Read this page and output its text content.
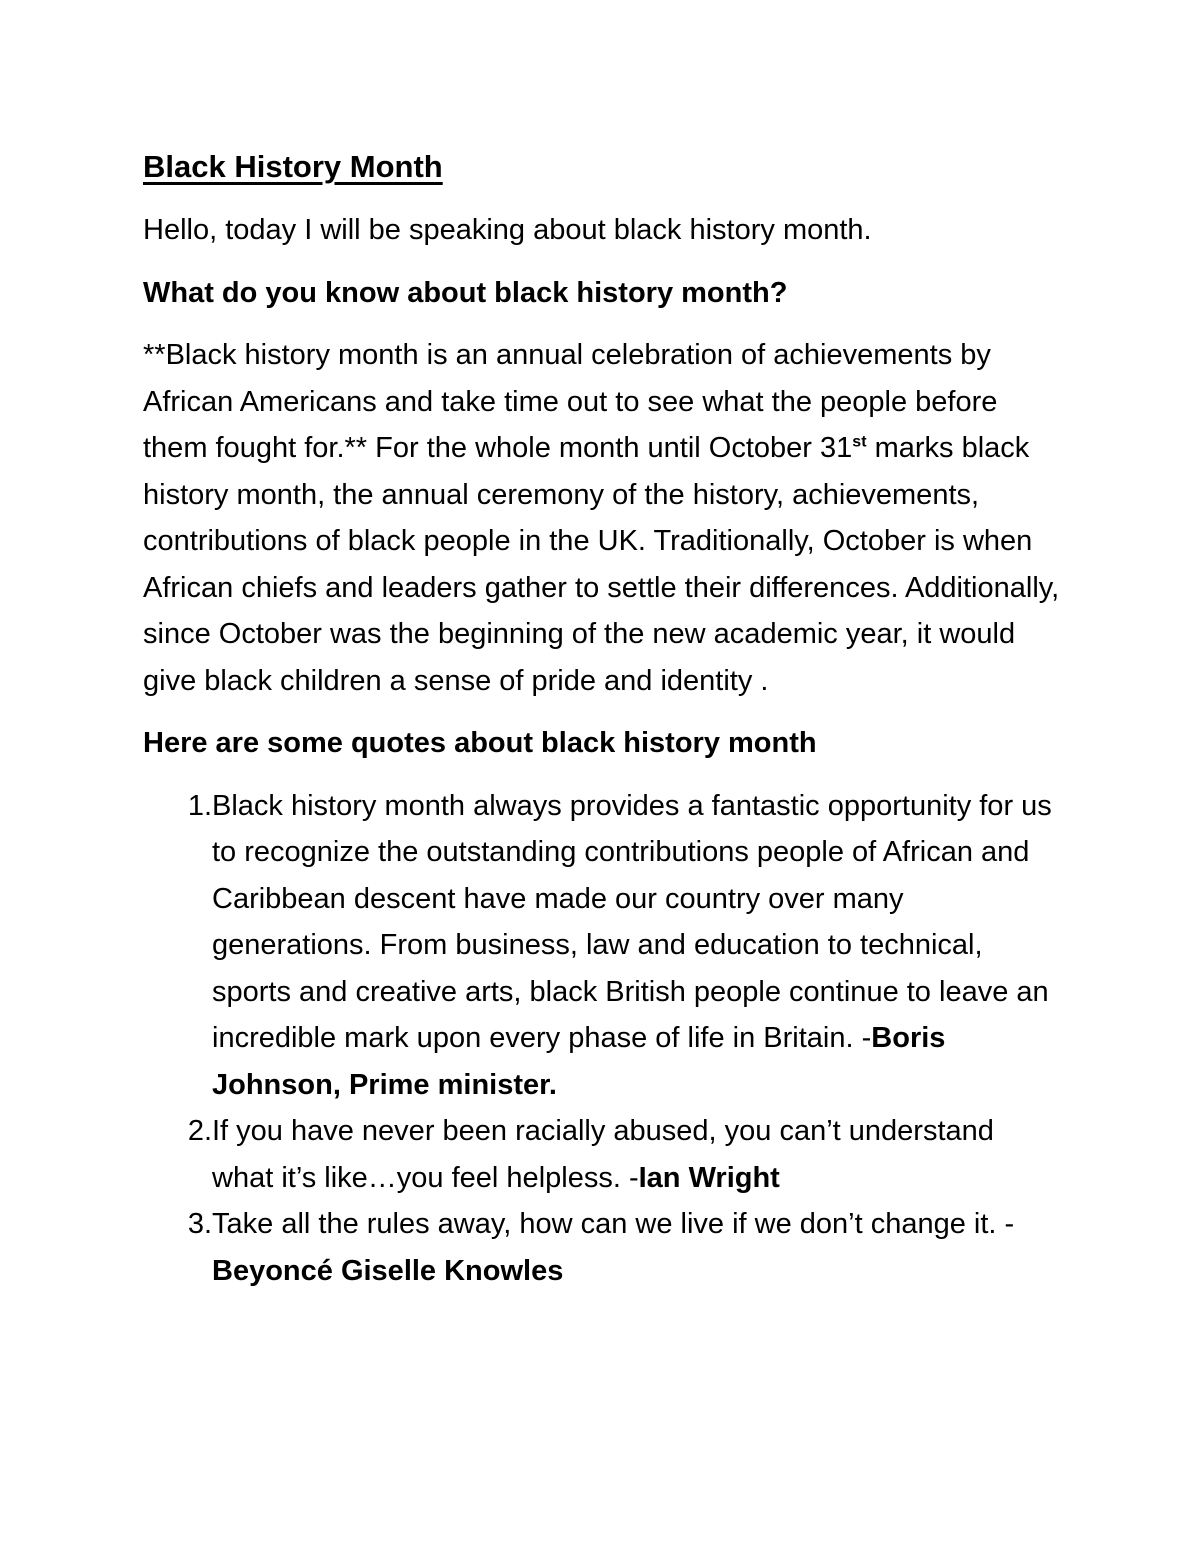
Black History Month
Hello, today I will be speaking about black history month.
What do you know about black history month?
**Black history month is an annual celebration of achievements by African Americans and take time out to see what the people before them fought for.** For the whole month until October 31st marks black history month, the annual ceremony of the history, achievements, contributions of black people in the UK. Traditionally, October is when African chiefs and leaders gather to settle their differences. Additionally, since October was the beginning of the new academic year, it would give black children a sense of pride and identity .
Here are some quotes about black history month
1. Black history month always provides a fantastic opportunity for us to recognize the outstanding contributions people of African and Caribbean descent have made our country over many generations. From business, law and education to technical, sports and creative arts, black British people continue to leave an incredible mark upon every phase of life in Britain. -Boris Johnson, Prime minister.
2. If you have never been racially abused, you can’t understand what it’s like…you feel helpless. -Ian Wright
3. Take all the rules away, how can we live if we don’t change it. -Beyoncé Giselle Knowles
